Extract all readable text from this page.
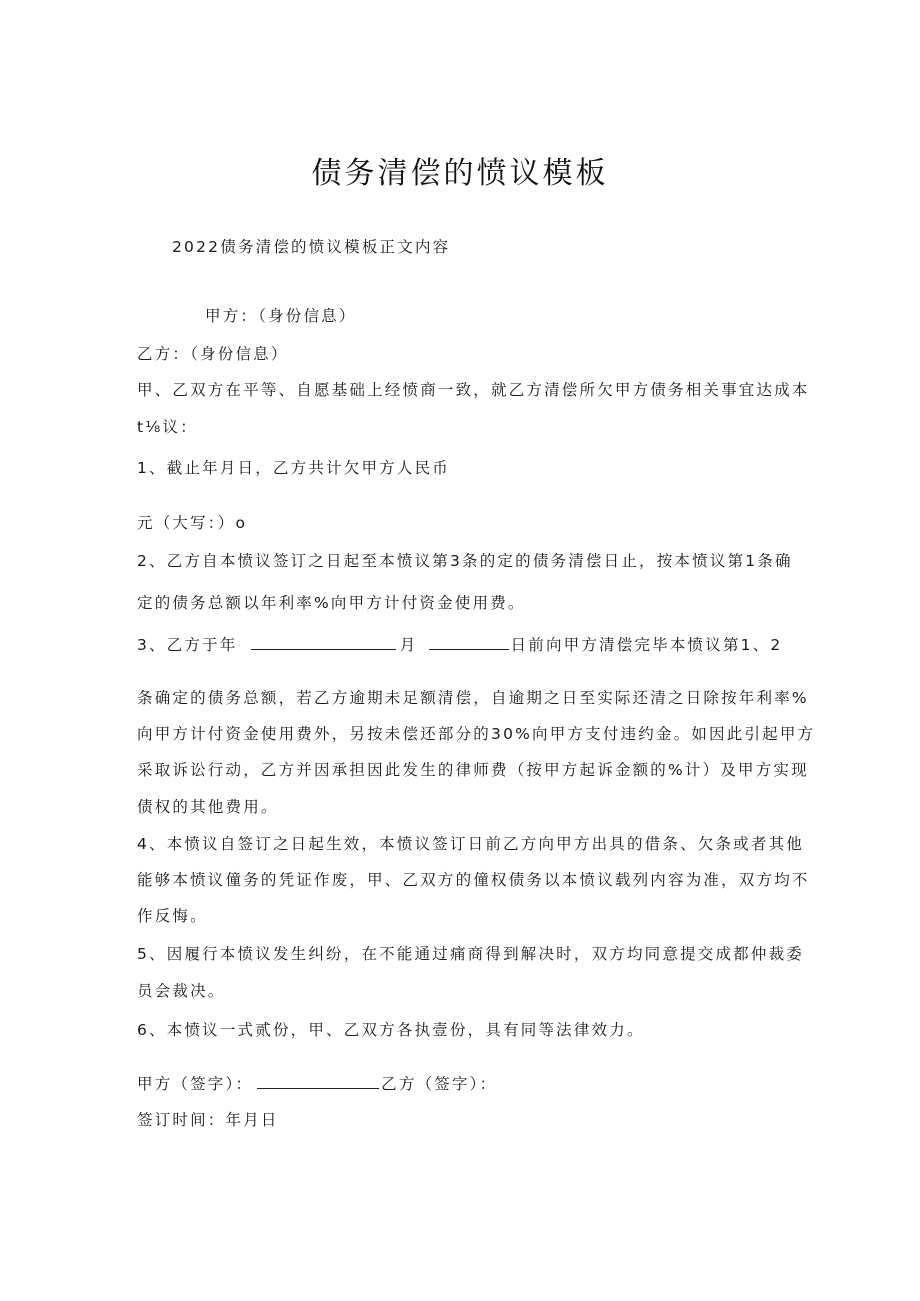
债务清偿的愤议模板
2022债务清偿的愤议模板正文内容
甲方：（身份信息）
乙方：（身份信息）
甲、乙双方在平等、自愿基础上经愤商一致，就乙方清偿所欠甲方债务相关事宜达成本
t⅛议：
1、截止年月日，乙方共计欠甲方人民币
元（大写：）o
2、乙方自本愤议签订之日起至本愤议第3条的定的债务清偿日止，按本愤议第1条确
定的债务总额以年利率%向甲方计付资金使用费。
3、乙方于年	月	日前向甲方清偿完毕本愤议第1、2
条确定的债务总额，若乙方逾期未足额清偿，自逾期之日至实际还清之日除按年利率%
向甲方计付资金使用费外，另按未偿还部分的30%向甲方支付违约金。如因此引起甲方
采取诉讼行动，乙方并因承担因此发生的律师费（按甲方起诉金额的%计）及甲方实现
债权的其他费用。
4、本愤议自签订之日起生效，本愤议签订日前乙方向甲方出具的借条、欠条或者其他
能够本愤议僮务的凭证作废，甲、乙双方的僮权债务以本愤议载列内容为准，双方均不
作反悔。
5、因履行本愤议发生纠纷，在不能通过痛商得到解决时，双方均同意提交成都仲裁委
员会裁决。
6、本愤议一式贰份，甲、乙双方各执壹份，具有同等法律效力。
甲方（签字）：	乙方（签字）：
签订时间：年月日
